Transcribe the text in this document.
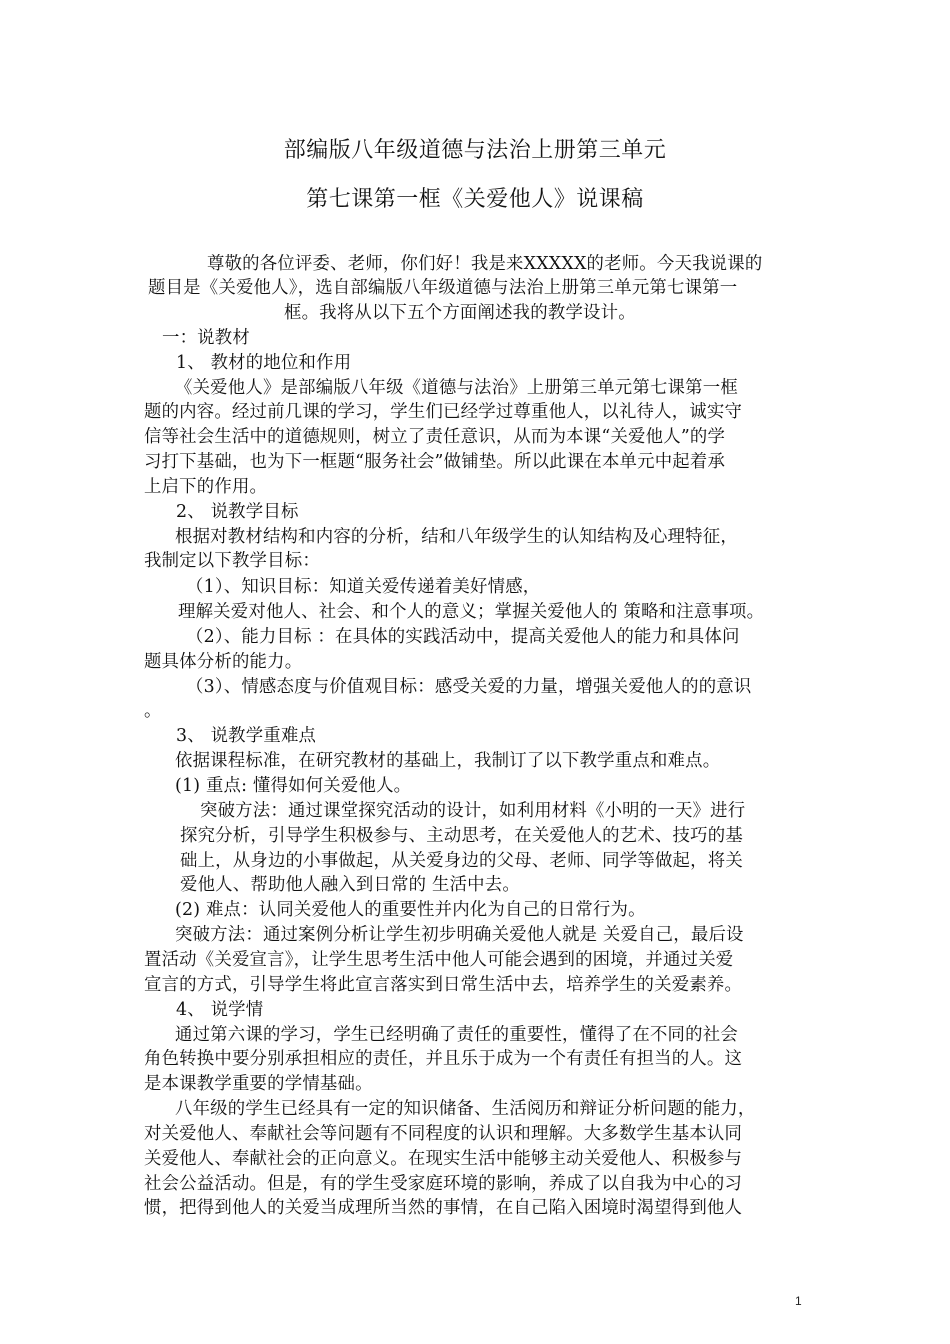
部编版八年级道德与法治上册第三单元
第七课第一框《关爱他人》说课稿
尊敬的各位评委、老师，你们好！我是来XXXXX的老师。今天我说课的
题目是《关爱他人》，选自部编版八年级道德与法治上册第三单元第七课第一
框。我将从以下五个方面阐述我的教学设计。
一：说教材
1、 教材的地位和作用
《关爱他人》是部编版八年级《道德与法治》上册第三单元第七课第一框
题的内容。经过前几课的学习，学生们已经学过尊重他人，以礼待人，诚实守
信等社会生活中的道德规则，树立了责任意识，从而为本课“关爱他人”的学
习打下基础，也为下一框题“服务社会”做铺垫。所以此课在本单元中起着承
上启下的作用。
2、 说教学目标
根据对教材结构和内容的分析，结和八年级学生的认知结构及心理特征，
我制定以下教学目标：
（1）、知识目标：知道关爱传递着美好情感，
理解关爱对他人、社会、和个人的意义；掌握关爱他人的 策略和注意事项。
（2）、能力目标 ：在具体的实践活动中，提高关爱他人的能力和具体问
题具体分析的能力。
（3）、情感态度与价值观目标：感受关爱的力量，增强关爱他人的的意识
。
3、 说教学重难点
依据课程标准，在研究教材的基础上，我制订了以下教学重点和难点。
(1) 重点: 懂得如何关爱他人。
突破方法：通过课堂探究活动的设计，如利用材料《小明的一天》进行
探究分析，引导学生积极参与、主动思考，在关爱他人的艺术、技巧的基
础上，从身边的小事做起，从关爱身边的父母、老师、同学等做起，将关
爱他人、帮助他人融入到日常的 生活中去。
(2) 难点：认同关爱他人的重要性并内化为自己的日常行为。
突破方法：通过案例分析让学生初步明确关爱他人就是 关爱自己，最后设
置活动《关爱宣言》，让学生思考生活中他人可能会遇到的困境，并通过关爱
宣言的方式，引导学生将此宣言落实到日常生活中去，培养学生的关爱素养。
4、 说学情
通过第六课的学习，学生已经明确了责任的重要性，懂得了在不同的社会
角色转换中要分别承担相应的责任，并且乐于成为一个有责任有担当的人。这
是本课教学重要的学情基础。
八年级的学生已经具有一定的知识储备、生活阅历和辩证分析问题的能力，
对关爱他人、奉献社会等问题有不同程度的认识和理解。大多数学生基本认同
关爱他人、奉献社会的正向意义。在现实生活中能够主动关爱他人、积极参与
社会公益活动。但是，有的学生受家庭环境的影响，养成了以自我为中心的习
惯，把得到他人的关爱当成理所当然的事情，在自己陷入困境时渴望得到他人
1
